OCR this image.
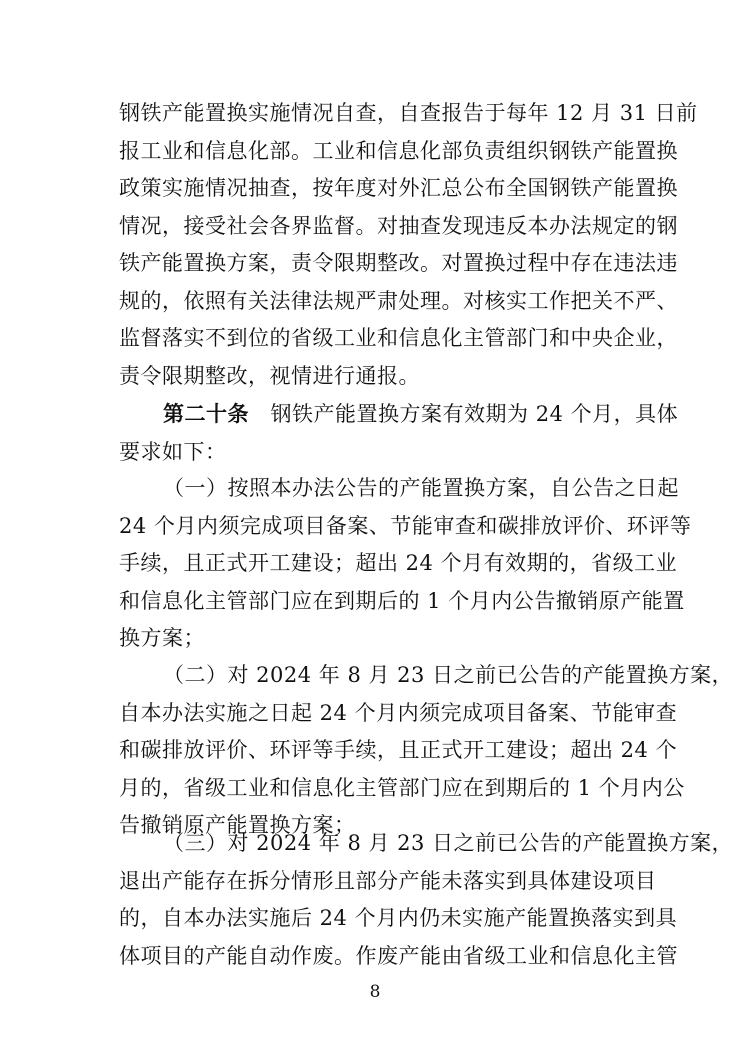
钢铁产能置换实施情况自查，自查报告于每年 12 月 31 日前
报工业和信息化部。工业和信息化部负责组织钢铁产能置换
政策实施情况抽查，按年度对外汇总公布全国钢铁产能置换
情况，接受社会各界监督。对抽查发现违反本办法规定的钢
铁产能置换方案，责令限期整改。对置换过程中存在违法违
规的，依照有关法律法规严肃处理。对核实工作把关不严、
监督落实不到位的省级工业和信息化主管部门和中央企业，
责令限期整改，视情进行通报。
第二十条 钢铁产能置换方案有效期为 24 个月，具体
要求如下：
（一）按照本办法公告的产能置换方案，自公告之日起
24 个月内须完成项目备案、节能审查和碳排放评价、环评等
手续，且正式开工建设；超出 24 个月有效期的，省级工业
和信息化主管部门应在到期后的 1 个月内公告撤销原产能置
换方案；
（二）对 2024 年 8 月 23 日之前已公告的产能置换方案，
自本办法实施之日起 24 个月内须完成项目备案、节能审查
和碳排放评价、环评等手续，且正式开工建设；超出 24 个
月的，省级工业和信息化主管部门应在到期后的 1 个月内公
告撤销原产能置换方案；
（三）对 2024 年 8 月 23 日之前已公告的产能置换方案，
退出产能存在拆分情形且部分产能未落实到具体建设项目
的，自本办法实施后 24 个月内仍未实施产能置换落实到具
体项目的产能自动作废。作废产能由省级工业和信息化主管
8
